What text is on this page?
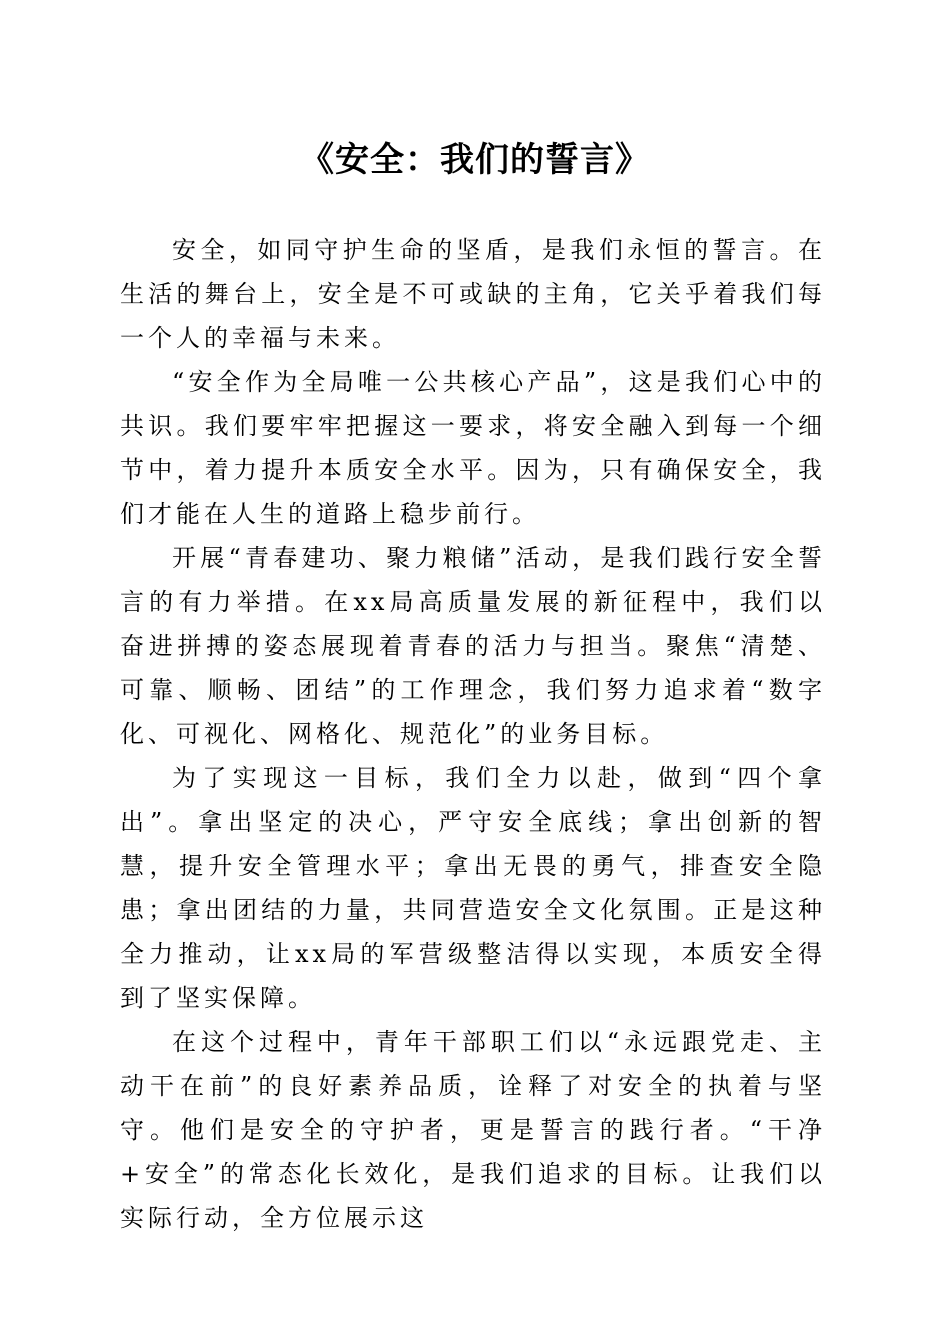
《安全：我们的誓言》

安全，如同守护生命的坚盾，是我们永恒的誓言。在生活的舞台上，安全是不可或缺的主角，它关乎着我们每一个人的幸福与未来。

“安全作为全局唯一公共核心产品”，这是我们心中的共识。我们要牢牢把握这一要求，将安全融入到每一个细节中，着力提升本质安全水平。因为，只有确保安全，我们才能在人生的道路上稳步前行。

开展“青春建功、聚力粮储”活动，是我们践行安全誓言的有力举措。在xx局高质量发展的新征程中，我们以奋进拼搏的姿态展现着青春的活力与担当。聚焦“清楚、可靠、顺畅、团结”的工作理念，我们努力追求着“数字化、可视化、网格化、规范化”的业务目标。

为了实现这一目标，我们全力以赴，做到“四个拿出”。拿出坚定的决心，严守安全底线；拿出创新的智慧，提升安全管理水平；拿出无畏的勇气，排查安全隐患；拿出团结的力量，共同营造安全文化氛围。正是这种全力推动，让xx局的军营级整洁得以实现，本质安全得到了坚实保障。

在这个过程中，青年干部职工们以“永远跟党走、主动干在前”的良好素养品质，诠释了对安全的执着与坚守。他们是安全的守护者，更是誓言的践行者。“干净+安全”的常态化长效化，是我们追求的目标。让我们以实际行动，全方位展示这
